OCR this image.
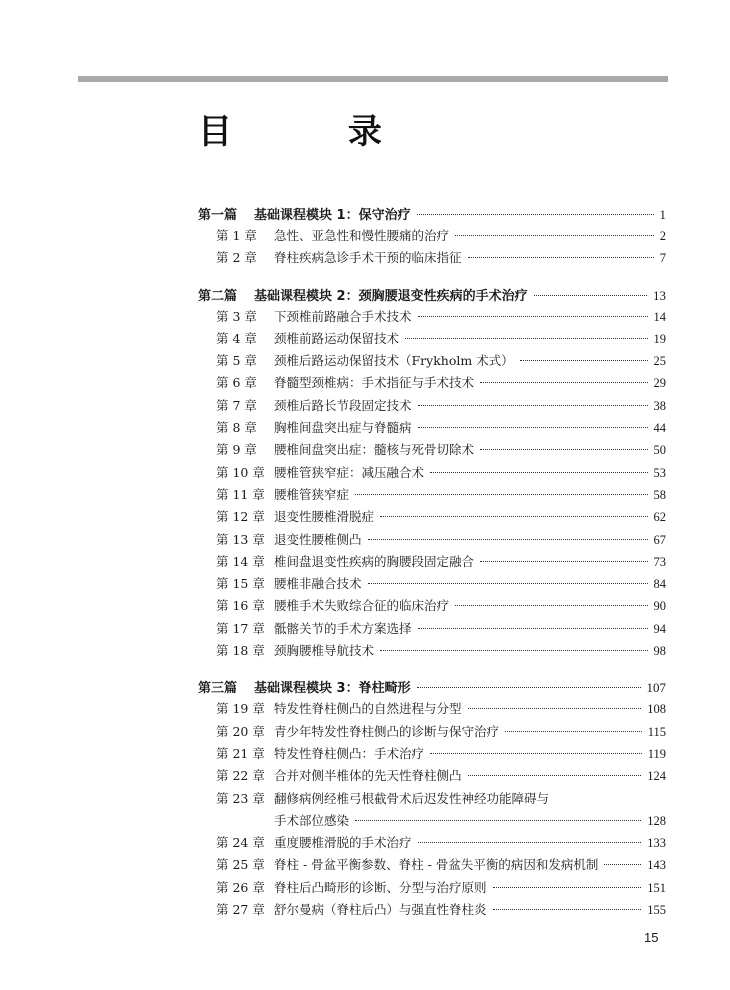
目 录
第一篇	基础课程模块 1：保守治疗	1
第 1 章	急性、亚急性和慢性腰痛的治疗	2
第 2 章	脊柱疾病急诊手术干预的临床指征	7
第二篇	基础课程模块 2：颈胸腰退变性疾病的手术治疗	13
第 3 章	下颈椎前路融合手术技术	14
第 4 章	颈椎前路运动保留技术	19
第 5 章	颈椎后路运动保留技术（Frykholm 术式）	25
第 6 章	脊髓型颈椎病：手术指征与手术技术	29
第 7 章	颈椎后路长节段固定技术	38
第 8 章	胸椎间盘突出症与脊髓病	44
第 9 章	腰椎间盘突出症：髓核与死骨切除术	50
第 10 章 腰椎管狭窄症：减压融合术	53
第 11 章 腰椎管狭窄症	58
第 12 章 退变性腰椎滑脱症	62
第 13 章 退变性腰椎侧凸	67
第 14 章 椎间盘退变性疾病的胸腰段固定融合	73
第 15 章 腰椎非融合技术	84
第 16 章 腰椎手术失败综合征的临床治疗	90
第 17 章 骶髂关节的手术方案选择	94
第 18 章 颈胸腰椎导航技术	98
第三篇	基础课程模块 3：脊柱畸形	107
第 19 章 特发性脊柱侧凸的自然进程与分型	108
第 20 章 青少年特发性脊柱侧凸的诊断与保守治疗	115
第 21 章 特发性脊柱侧凸：手术治疗	119
第 22 章 合并对侧半椎体的先天性脊柱侧凸	124
第 23 章 翻修病例经椎弓根截骨术后迟发性神经功能障碍与
手术部位感染	128
第 24 章 重度腰椎滑脱的手术治疗	133
第 25 章 脊柱 - 骨盆平衡参数、脊柱 - 骨盆失平衡的病因和发病机制	143
第 26 章 脊柱后凸畸形的诊断、分型与治疗原则	151
第 27 章 舒尔曼病（脊柱后凸）与强直性脊柱炎	155
15
